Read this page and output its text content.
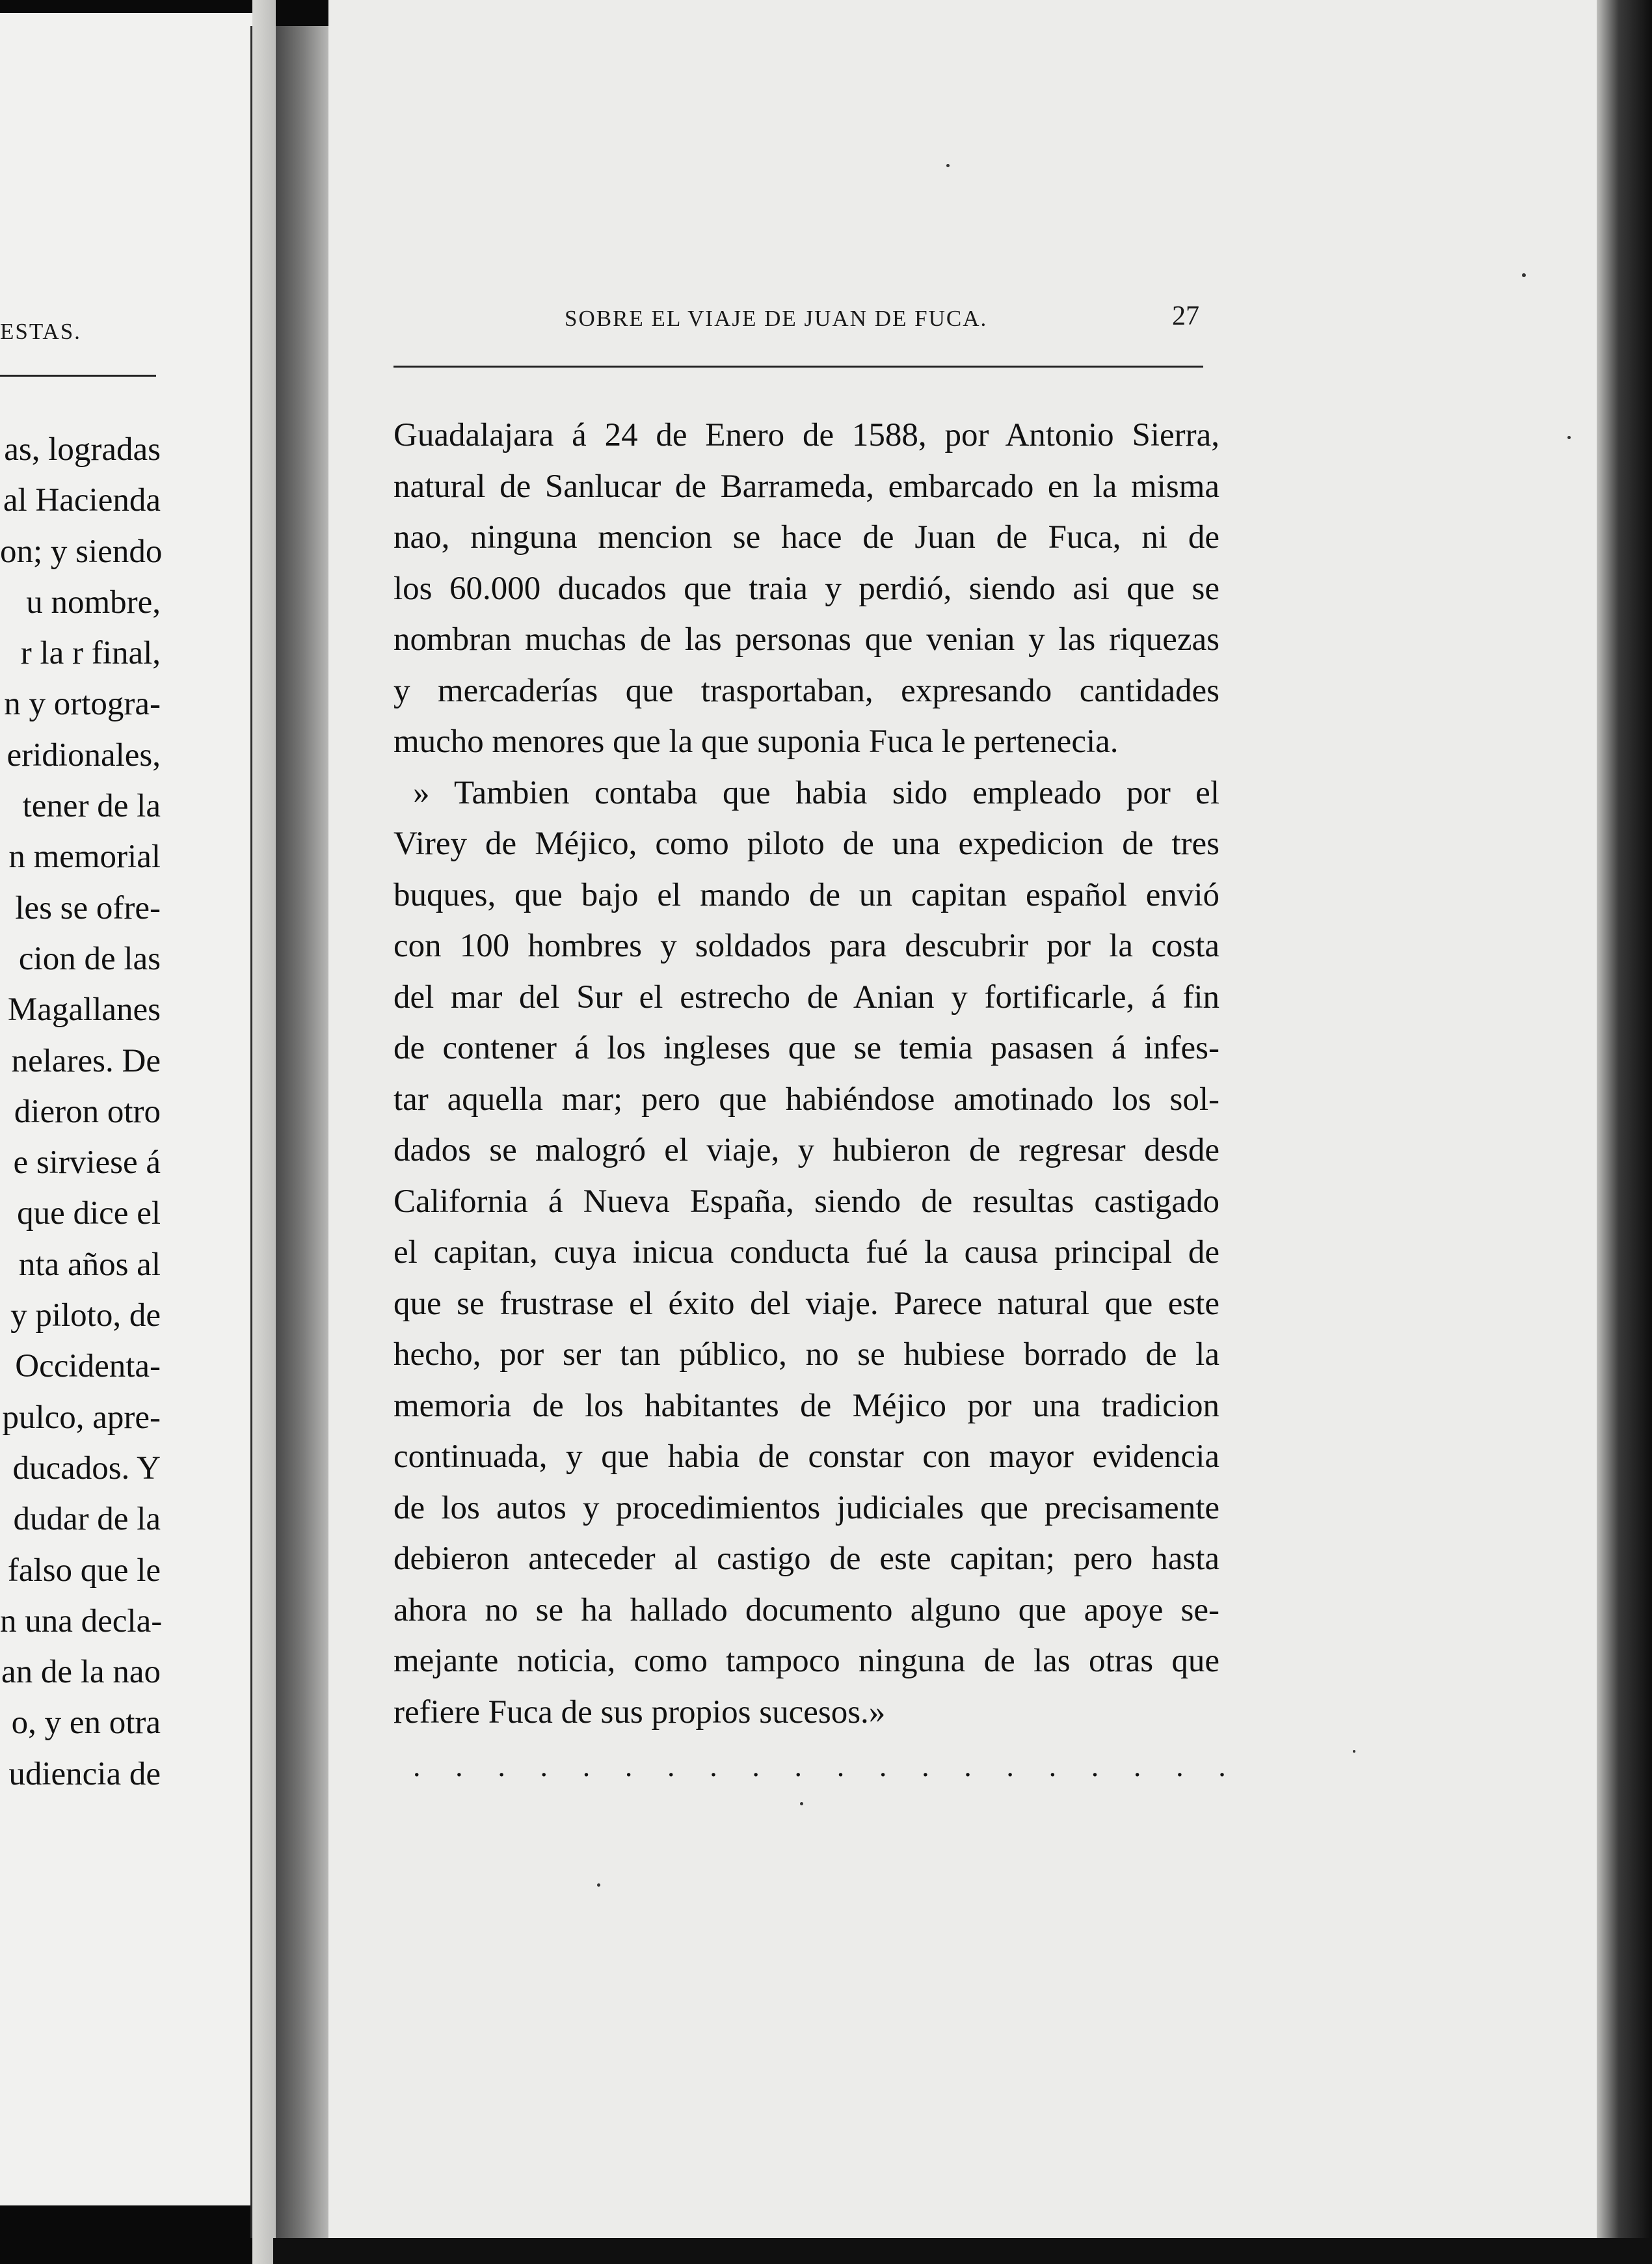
ESTAS.
as, logradas
al Hacienda
on; y siendo
u nombre,
r la r final,
n y ortogra-
eridionales,
tener de la
n memorial
les se ofre-
cion de las
Magallanes
nelares. De
dieron otro
e sirviese á
que dice el
nta años al
y piloto, de
Occidenta-
pulco, apre-
ducados. Y
dudar de la
falso que le
n una decla-
an de la nao
o, y en otra
udiencia de
SOBRE EL VIAJE DE JUAN DE FUCA.	27
Guadalajara á 24 de Enero de 1588, por Antonio Sierra,
natural de Sanlucar de Barrameda, embarcado en la misma
nao, ninguna mencion se hace de Juan de Fuca, ni de
los 60.000 ducados que traia y perdió, siendo asi que se
nombran muchas de las personas que venian y las riquezas
y mercaderías que trasportaban, expresando cantidades
mucho menores que la que suponia Fuca le pertenecia.
» Tambien contaba que habia sido empleado por el
Virey de Méjico, como piloto de una expedicion de tres
buques, que bajo el mando de un capitan español envió
con 100 hombres y soldados para descubrir por la costa
del mar del Sur el estrecho de Anian y fortificarle, á fin
de contener á los ingleses que se temia pasasen á infes-
tar aquella mar; pero que habiéndose amotinado los sol-
dados se malogró el viaje, y hubieron de regresar desde
California á Nueva España, siendo de resultas castigado
el capitan, cuya inicua conducta fué la causa principal de
que se frustrase el éxito del viaje. Parece natural que este
hecho, por ser tan público, no se hubiese borrado de la
memoria de los habitantes de Méjico por una tradicion
continuada, y que habia de constar con mayor evidencia
de los autos y procedimientos judiciales que precisamente
debieron anteceder al castigo de este capitan; pero hasta
ahora no se ha hallado documento alguno que apoye se-
mejante noticia, como tampoco ninguna de las otras que
refiere Fuca de sus propios sucesos.»
. . . . . . . . . . . . . . . . . . . .
